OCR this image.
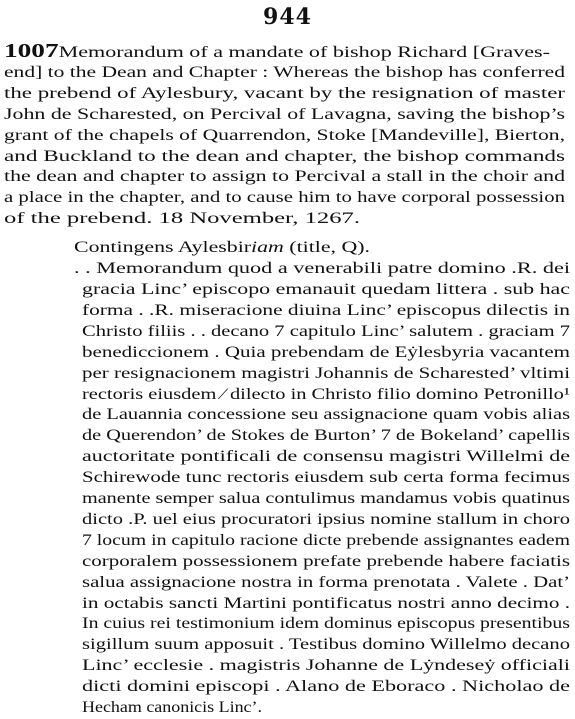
944
1007Memorandum of a mandate of bishop Richard [Graves-
end] to the Dean and Chapter : Whereas the bishop has conferred
the prebend of Aylesbury, vacant by the resignation of master
John de Scharested, on Percival of Lavagna, saving the bishop’s
grant of the chapels of Quarrendon, Stoke [Mandeville], Bierton,
and Buckland to the dean and chapter, the bishop commands
the dean and chapter to assign to Percival a stall in the choir and
a place in the chapter, and to cause him to have corporal possession
of the prebend. 18 November, 1267.
Contingens Aylesbiriam (title, Q).
. . Memorandum quod a venerabili patre domino .R. dei
gracia Linc’ episcopo emanauit quedam littera . sub hac
forma . .R. miseracione diuina Linc’ episcopus dilectis in
Christo filiis . . decano 7 capitulo Linc’ salutem . graciam 7
benediccionem . Quia prebendam de Eẏlesbyria vacantem
per resignacionem magistri Johannis de Scharested’ vltimi
rectoris eiusdem ⁄ dilecto in Christo filio domino Petronillo¹
de Lauannia concessione seu assignacione quam vobis alias
de Querendon’ de Stokes de Burton’ 7 de Bokeland’ capellis
auctoritate pontificali de consensu magistri Willelmi de
Schirewode tunc rectoris eiusdem sub certa forma fecimus
manente semper salua contulimus mandamus vobis quatinus
dicto .P. uel eius procuratori ipsius nomine stallum in choro
7 locum in capitulo racione dicte prebende assignantes eadem
corporalem possessionem prefate prebende habere faciatis
salua assignacione nostra in forma prenotata . Valete . Dat’
in octabis sancti Martini pontificatus nostri anno decimo .
In cuius rei testimonium idem dominus episcopus presentibus
sigillum suum apposuit . Testibus domino Willelmo decano
Linc’ ecclesie . magistris Johanne de Lẏndeseẏ officiali
dicti domini episcopi . Alano de Eboraco . Nicholao de
Hecham canonicis Linc’.
